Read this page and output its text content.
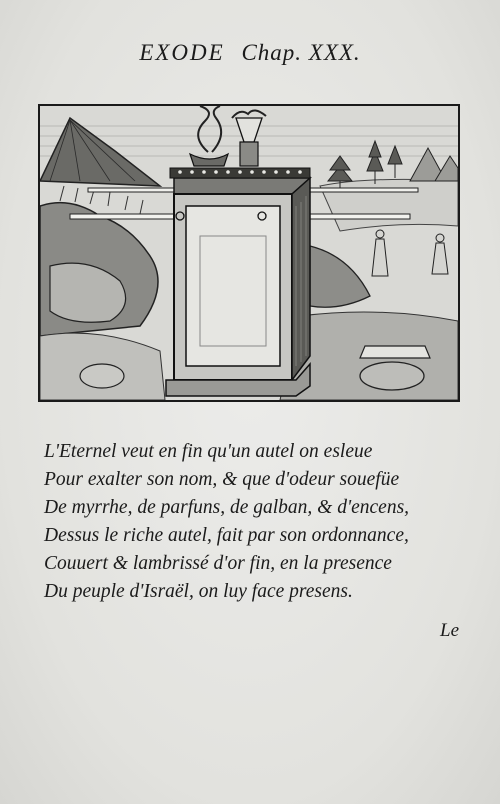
EXODE Chap. XXX.
L'Eternel veut en fin qu'un autel on esleue
Pour exalter son nom, & que d'odeur souefüe
De myrrhe, de parfuns, de galban, & d'encens,
Dessus le riche autel, fait par son ordonnance,
Couuert & lambrissé d'or fin, en la presence
Du peuple d'Israël, on luy face presens.
Le
